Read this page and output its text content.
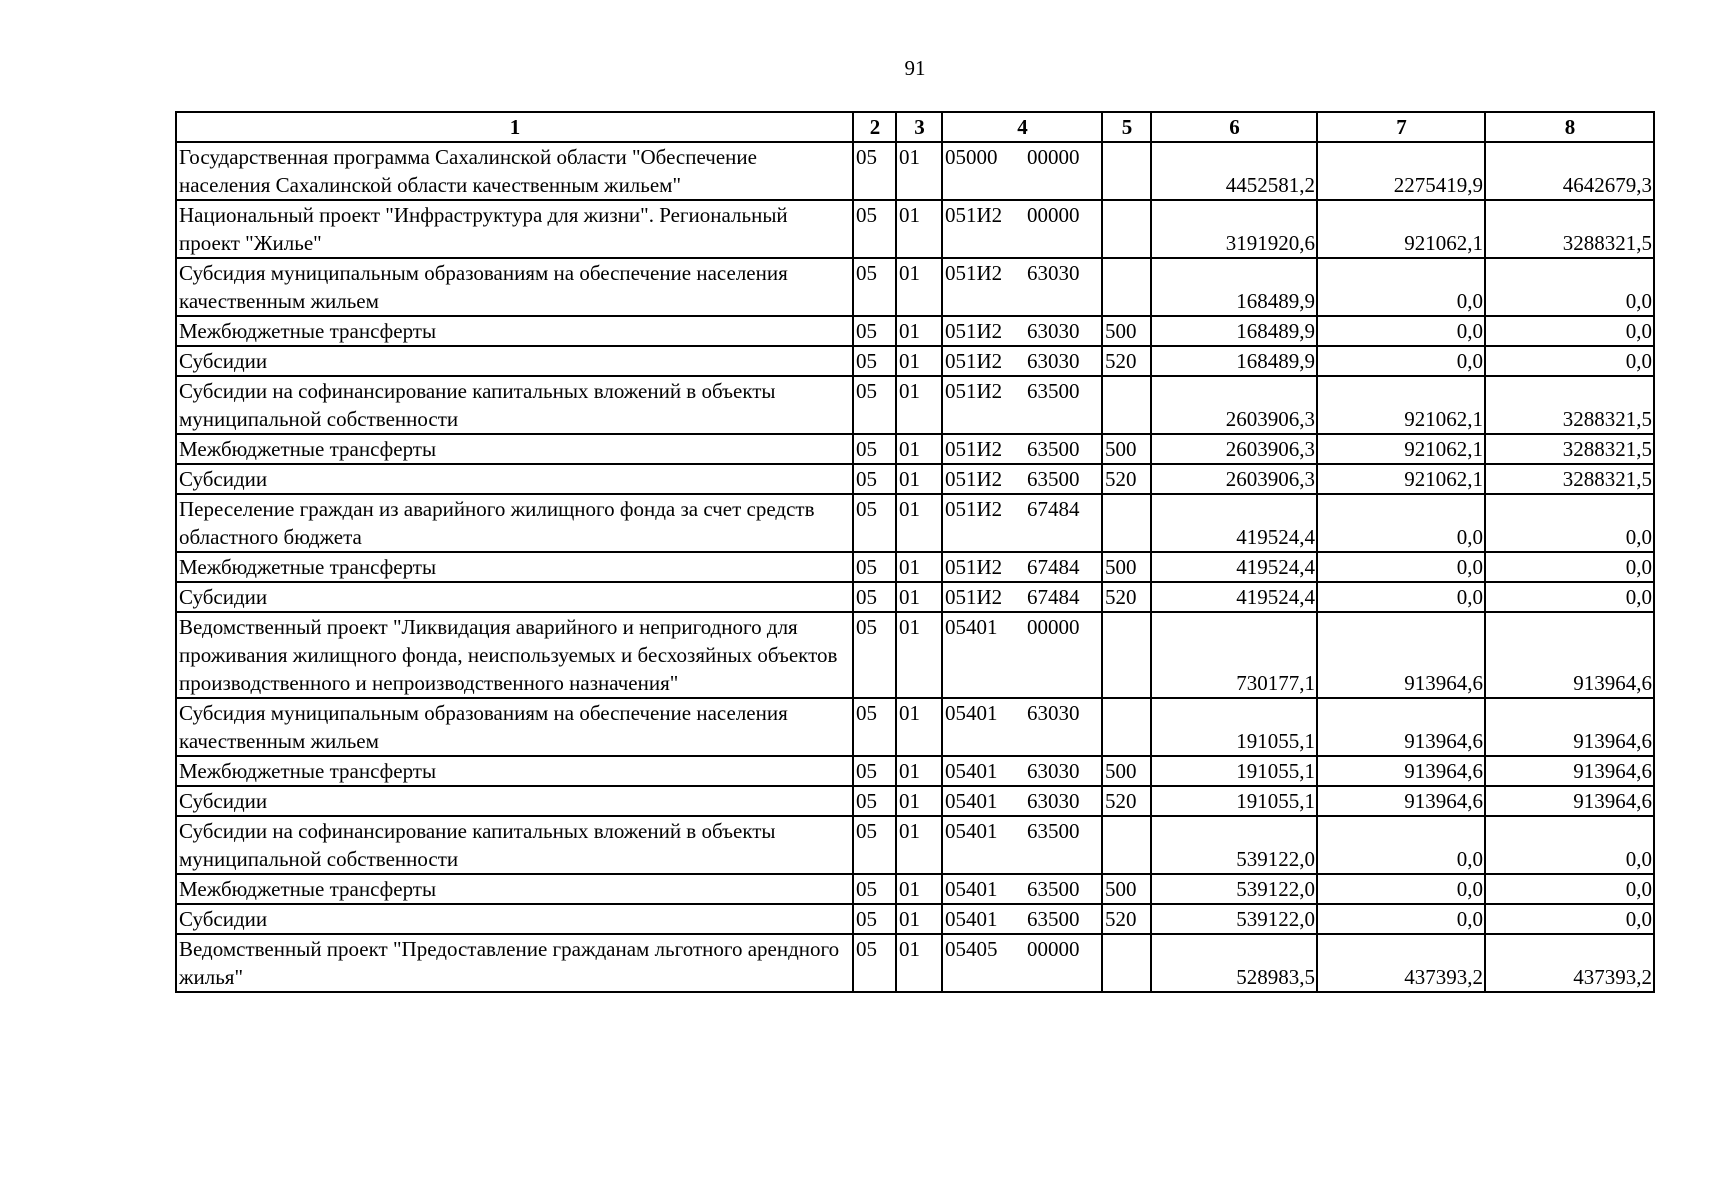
91
1	2	3	4	5	6	7	8
Государственная программа Сахалинской области "Обеспечение населения Сахалинской области качественным жильем"	05	01	05000 00000		4452581,2	2275419,9	4642679,3
Национальный проект "Инфраструктура для жизни". Региональный проект "Жилье"	05	01	051И2 00000		3191920,6	921062,1	3288321,5
Субсидия муниципальным образованиям на обеспечение населения качественным жильем	05	01	051И2 63030		168489,9	0,0	0,0
Межбюджетные трансферты	05	01	051И2 63030	500	168489,9	0,0	0,0
Субсидии	05	01	051И2 63030	520	168489,9	0,0	0,0
Субсидии на софинансирование капитальных вложений в объекты муниципальной собственности	05	01	051И2 63500		2603906,3	921062,1	3288321,5
Межбюджетные трансферты	05	01	051И2 63500	500	2603906,3	921062,1	3288321,5
Субсидии	05	01	051И2 63500	520	2603906,3	921062,1	3288321,5
Переселение граждан из аварийного жилищного фонда за счет средств областного бюджета	05	01	051И2 67484		419524,4	0,0	0,0
Межбюджетные трансферты	05	01	051И2 67484	500	419524,4	0,0	0,0
Субсидии	05	01	051И2 67484	520	419524,4	0,0	0,0
Ведомственный проект "Ликвидация аварийного и непригодного для проживания жилищного фонда, неиспользуемых и бесхозяйных объектов производственного и непроизводственного назначения"	05	01	05401 00000		730177,1	913964,6	913964,6
Субсидия муниципальным образованиям на обеспечение населения качественным жильем	05	01	05401 63030		191055,1	913964,6	913964,6
Межбюджетные трансферты	05	01	05401 63030	500	191055,1	913964,6	913964,6
Субсидии	05	01	05401 63030	520	191055,1	913964,6	913964,6
Субсидии на софинансирование капитальных вложений в объекты муниципальной собственности	05	01	05401 63500		539122,0	0,0	0,0
Межбюджетные трансферты	05	01	05401 63500	500	539122,0	0,0	0,0
Субсидии	05	01	05401 63500	520	539122,0	0,0	0,0
Ведомственный проект "Предоставление гражданам льготного арендного жилья"	05	01	05405 00000		528983,5	437393,2	437393,2
